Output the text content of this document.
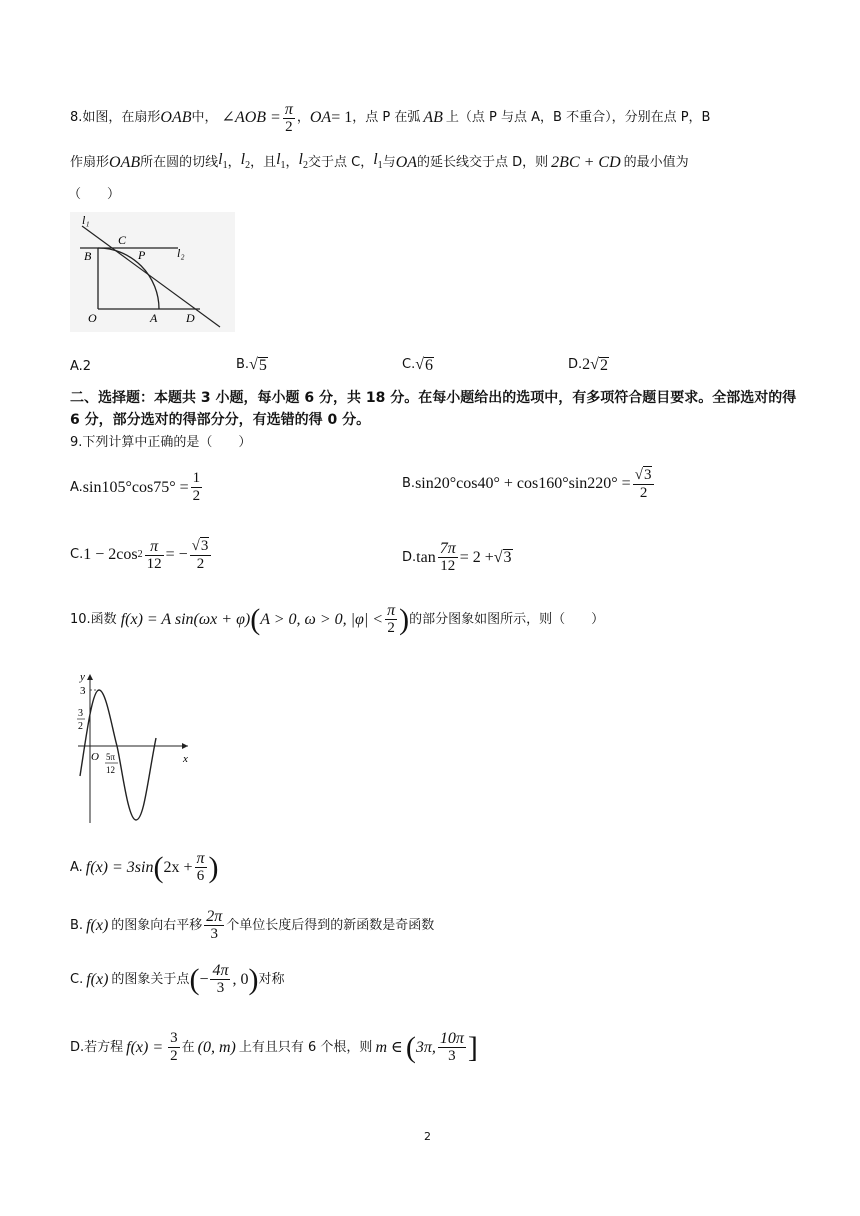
8.如图，在扇形 OAB 中， ∠AOB = $\frac{\pi}{2}$ ， OA = 1 ，点 P 在弧 AB 上（点 P 与点 A，B 不重合），分别在点 P，B
作扇形 OAB 所在圆的切线 $l_1$ ， $l_2$ ，且 $l_1$ ， $l_2$ 交于点 C， $l_1$ 与 OA 的延长线交于点 D，则 2BC + CD 的最小值为
（　　）
l₁
l₂
B
C
P
O	A D
A.2	B. √ 5	C. √ 6	D. 2 √ 2
二、选择题：本题共 3 小题，每小题 6 分，共 18 分。在每小题给出的选项中，有多项符合题目要求。全部选对的得 6 分，部分选对的得部分分，有选错的得 0 分。
9.下列计算中正确的是（　　）
A. $\sin 105^\circ\cos 75^\circ = \frac{1}{2}$	B. $\sin 20^\circ\cos 40^\circ + \cos 160^\circ\sin 220^\circ = \frac{√3}{2}$
C. 1 − 2cos $2 \frac{\pi}{12}$ = − $\frac{√3}{2}$	D. $\tan \frac{7\pi}{12} = 2$ + √ 3
10.函数 f(x) = A sin(ωx + φ) ( A > 0, ω > 0, $|\varphi| < \frac{\pi}{2}$ ) 的部分图象如图所示，则（　　）
y
3
3
2
O 5π
12
x
A. f(x) = 3sin ( $2x + \frac{\pi}{6}$ )
B. f(x) 的图象向右平移 $\frac{2\pi}{3}$ 个单位长度后得到的新函数是奇函数
C. f(x) 的图象关于点 ( − $\frac{4\pi}{3}$ , 0 ) 对称
D.若方程 $f(x) = \frac{3}{2}$ 在 (0, m) 上有且只有 6 个根，则 m ∈ ( 3π, $\frac{10\pi}{3}$ ]
2
